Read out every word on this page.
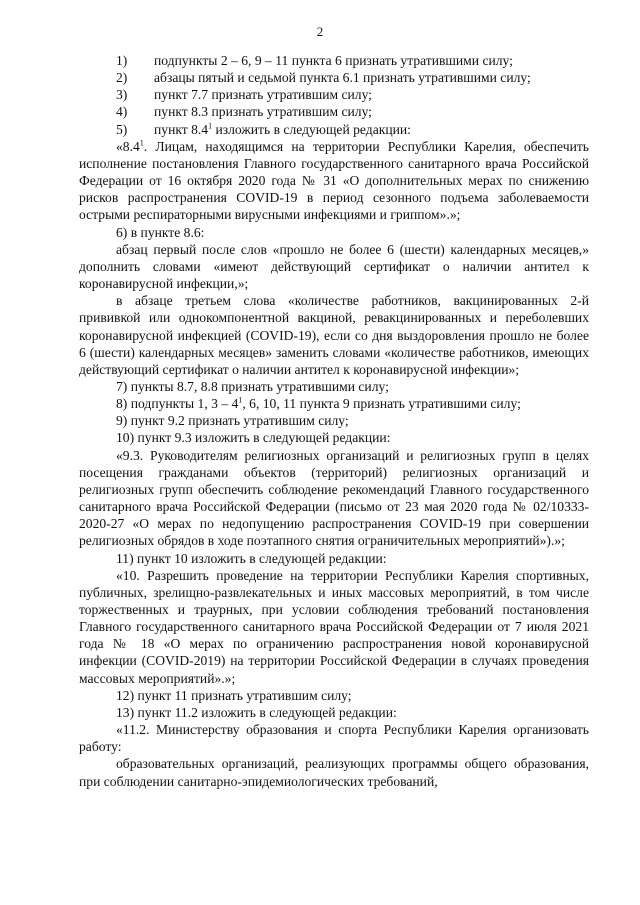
2
1) подпункты 2 – 6, 9 – 11 пункта 6 признать утратившими силу;
2) абзацы пятый и седьмой пункта 6.1 признать утратившими силу;
3) пункт 7.7 признать утратившим силу;
4) пункт 8.3 признать утратившим силу;
5) пункт $8.4^1$ изложить в следующей редакции:

«$8.4^1$. Лицам, находящимся на территории Республики Карелия, обеспечить исполнение постановления Главного государственного санитарного врача Российской Федерации от 16 октября 2020 года № 31 «О дополнительных мерах по снижению рисков распространения COVID-19 в период сезонного подъема заболеваемости острыми респираторными вирусными инфекциями и гриппом».»;

6) в пункте 8.6:

абзац первый после слов «прошло не более 6 (шести) календарных месяцев,» дополнить словами «имеют действующий сертификат о наличии антител к коронавирусной инфекции,»;

в абзаце третьем слова «количестве работников, вакцинированных 2-й прививкой или однокомпонентной вакциной, ревакцинированных и переболевших коронавирусной инфекцией (COVID-19), если со дня выздоровления прошло не более 6 (шести) календарных месяцев» заменить словами «количестве работников, имеющих действующий сертификат о наличии антител к коронавирусной инфекции»;

7) пункты 8.7, 8.8 признать утратившими силу;

8) подпункты 1, $3 - 4^1$, 6, 10, 11 пункта 9 признать утратившими силу;

9) пункт 9.2 признать утратившим силу;

10) пункт 9.3 изложить в следующей редакции:

«9.3. Руководителям религиозных организаций и религиозных групп в целях посещения гражданами объектов (территорий) религиозных организаций и религиозных групп обеспечить соблюдение рекомендаций Главного государственного санитарного врача Российской Федерации (письмо от 23 мая 2020 года № 02/10333-2020-27 «О мерах по недопущению распространения COVID-19 при совершении религиозных обрядов в ходе поэтапного снятия ограничительных мероприятий»).»;

11) пункт 10 изложить в следующей редакции:

«10. Разрешить проведение на территории Республики Карелия спортивных, публичных, зрелищно-развлекательных и иных массовых мероприятий, в том числе торжественных и траурных, при условии соблюдения требований постановления Главного государственного санитарного врача Российской Федерации от 7 июля 2021 года № 18 «О мерах по ограничению распространения новой коронавирусной инфекции (COVID-2019) на территории Российской Федерации в случаях проведения массовых мероприятий».»;

12) пункт 11 признать утратившим силу;

13) пункт 11.2 изложить в следующей редакции:

«11.2. Министерству образования и спорта Республики Карелия организовать работу:

образовательных организаций, реализующих программы общего образования, при соблюдении санитарно-эпидемиологических требований,
